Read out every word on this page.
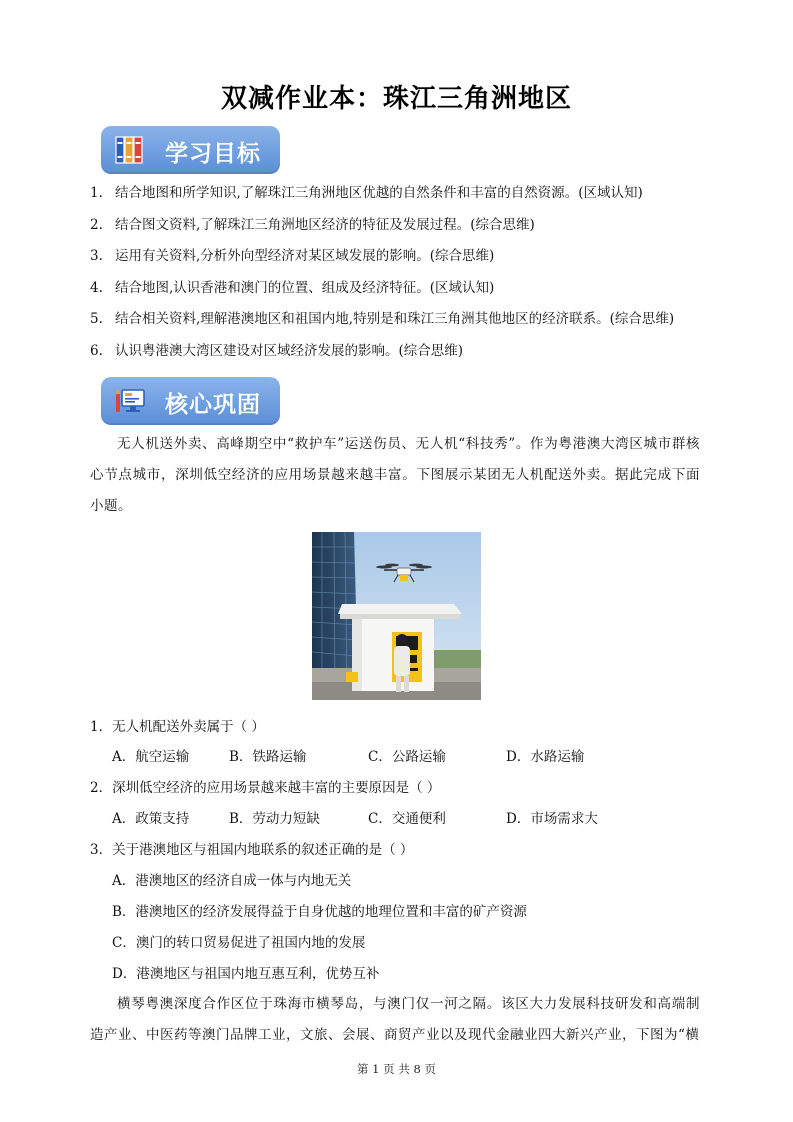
双减作业本：珠江三角洲地区
学习目标
1. 结合地图和所学知识,了解珠江三角洲地区优越的自然条件和丰富的自然资源。(区域认知)
2. 结合图文资料,了解珠江三角洲地区经济的特征及发展过程。(综合思维)
3. 运用有关资料,分析外向型经济对某区域发展的影响。(综合思维)
4. 结合地图,认识香港和澳门的位置、组成及经济特征。(区域认知)
5. 结合相关资料,理解港澳地区和祖国内地,特别是和珠江三角洲其他地区的经济联系。(综合思维)
6. 认识粤港澳大湾区建设对区域经济发展的影响。(综合思维)
核心巩固

无人机送外卖、高峰期空中“救护车”运送伤员、无人机“科技秀”。作为粤港澳大湾区城市群核心节点城市，深圳低空经济的应用场景越来越丰富。下图展示某团无人机配送外卖。据此完成下面小题。

1．无人机配送外卖属于（ ）
A．航空运输	B．铁路运输	C．公路运输	D．水路运输
2．深圳低空经济的应用场景越来越丰富的主要原因是（ ）
A．政策支持	B．劳动力短缺	C．交通便利	D．市场需求大
3．关于港澳地区与祖国内地联系的叙述正确的是（ ）
A．港澳地区的经济自成一体与内地无关
B．港澳地区的经济发展得益于自身优越的地理位置和丰富的矿产资源
C．澳门的转口贸易促进了祖国内地的发展
D．港澳地区与祖国内地互惠互利，优势互补

横琴粤澳深度合作区位于珠海市横琴岛，与澳门仅一河之隔。该区大力发展科技研发和高端制造产业、中医药等澳门品牌工业，文旅、会展、商贸产业以及现代金融业四大新兴产业，下图为“横

第 1 页 共 8 页
